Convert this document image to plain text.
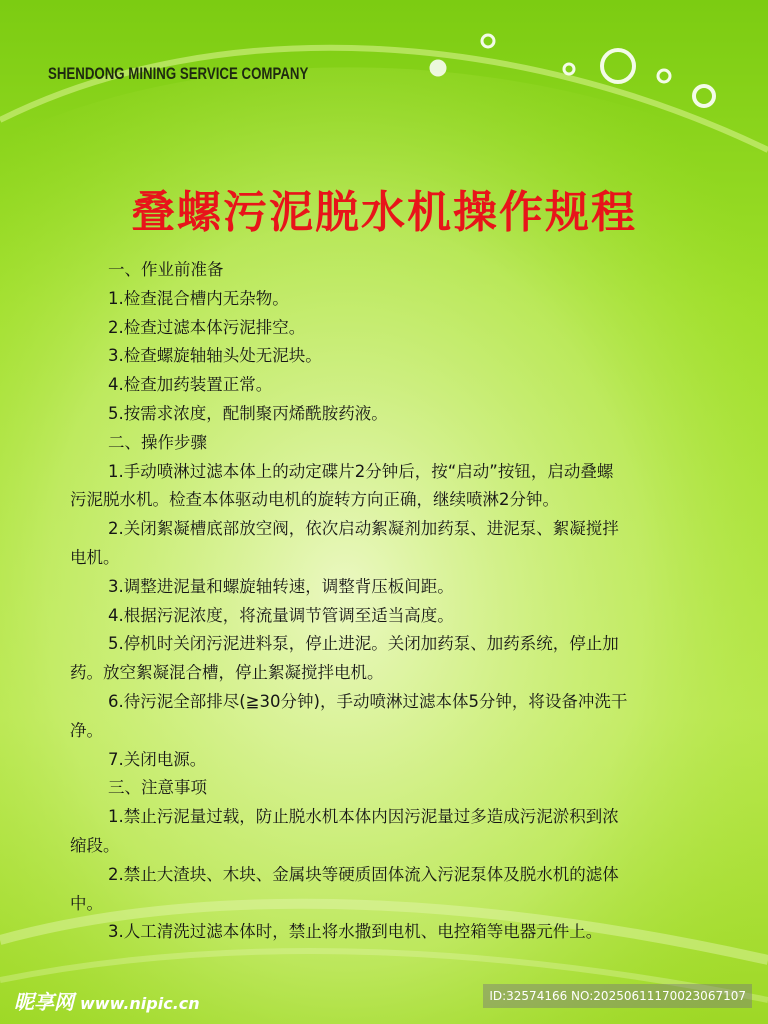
SHENDONG MINING SERVICE COMPANY
叠螺污泥脱水机操作规程
一、作业前准备
1.检查混合槽内无杂物。
2.检查过滤本体污泥排空。
3.检查螺旋轴轴头处无泥块。
4.检查加药装置正常。
5.按需求浓度，配制聚丙烯酰胺药液。
二、操作步骤
1.手动喷淋过滤本体上的动定碟片2分钟后，按“启动”按钮，启动叠螺
污泥脱水机。检查本体驱动电机的旋转方向正确，继续喷淋2分钟。
2.关闭絮凝槽底部放空阀，依次启动絮凝剂加药泵、进泥泵、絮凝搅拌
电机。
3.调整进泥量和螺旋轴转速，调整背压板间距。
4.根据污泥浓度，将流量调节管调至适当高度。
5.停机时关闭污泥进料泵，停止进泥。关闭加药泵、加药系统，停止加
药。放空絮凝混合槽，停止絮凝搅拌电机。
6.待污泥全部排尽(≧30分钟)，手动喷淋过滤本体5分钟，将设备冲洗干
净。
7.关闭电源。
三、注意事项
1.禁止污泥量过载，防止脱水机本体内因污泥量过多造成污泥淤积到浓
缩段。
2.禁止大渣块、木块、金属块等硬质固体流入污泥泵体及脱水机的滤体
中。
3.人工清洗过滤本体时，禁止将水撒到电机、电控箱等电器元件上。
昵享网 www.nipic.cn	ID:32574166 NO:20250611170023067107
